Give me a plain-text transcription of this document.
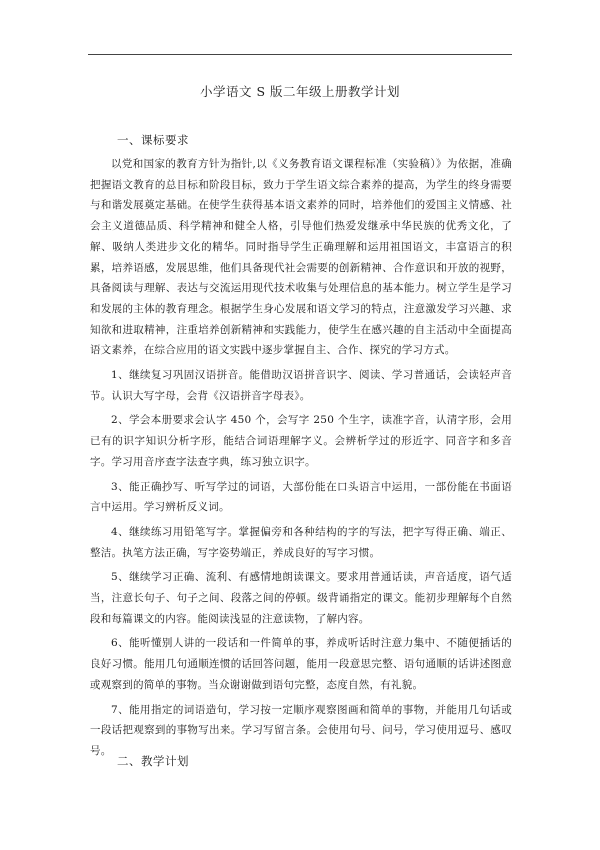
小学语文 S 版二年级上册教学计划
一、课标要求

以党和国家的教育方针为指针,以《义务教育语文课程标准（实验稿）》为依据，准确把握语文教育的总目标和阶段目标，致力于学生语文综合素养的提高，为学生的终身需要与和谐发展奠定基础。在使学生获得基本语文素养的同时，培养他们的爱国主义情感、社会主义道德品质、科学精神和健全人格，引导他们热爱发继承中华民族的优秀文化，了解、吸纳人类进步文化的精华。同时指导学生正确理解和运用祖国语文，丰富语言的积累，培养语感，发展思维，他们具备现代社会需要的创新精神、合作意识和开放的视野，具备阅读与理解、表达与交流运用现代技术收集与处理信息的基本能力。树立学生是学习和发展的主体的教育理念。根据学生身心发展和语文学习的特点，注意激发学习兴趣、求知欲和进取精神，注重培养创新精神和实践能力，使学生在感兴趣的自主活动中全面提高语文素养，在综合应用的语文实践中逐步掌握自主、合作、探究的学习方式。

1、继续复习巩固汉语拼音。能借助汉语拼音识字、阅读、学习普通话，会读轻声音节。认识大写字母，会背《汉语拼音字母表》。

2、学会本册要求会认字 450 个，会写字 250 个生字，读准字音，认清字形，会用已有的识字知识分析字形，能结合词语理解字义。会辨析学过的形近字、同音字和多音字。学习用音序查字法查字典，练习独立识字。

3、能正确抄写、听写学过的词语，大部份能在口头语言中运用，一部份能在书面语言中运用。学习辨析反义词。

4、继续练习用铅笔写字。掌握偏旁和各种结构的字的写法，把字写得正确、端正、整洁。执笔方法正确，写字姿势端正，养成良好的写字习惯。

5、继续学习正确、流利、有感情地朗读课文。要求用普通话读，声音适度，语气适当，注意长句子、句子之间、段落之间的停顿。级背诵指定的课文。能初步理解每个自然段和每篇课文的内容。能阅读浅显的注意读物，了解内容。

6、能听懂别人讲的一段话和一件简单的事，养成听话时注意力集中、不随便插话的良好习惯。能用几句通顺连惯的话回答问题，能用一段意思完整、语句通顺的话讲述图意或观察到的简单的事物。当众谢谢做到语句完整，态度自然，有礼貌。

7、能用指定的词语造句，学习按一定顺序观察图画和简单的事物，并能用几句话或一段话把观察到的事物写出来。学习写留言条。会使用句号、问号，学习使用逗号、感叹号。

二、教学计划
